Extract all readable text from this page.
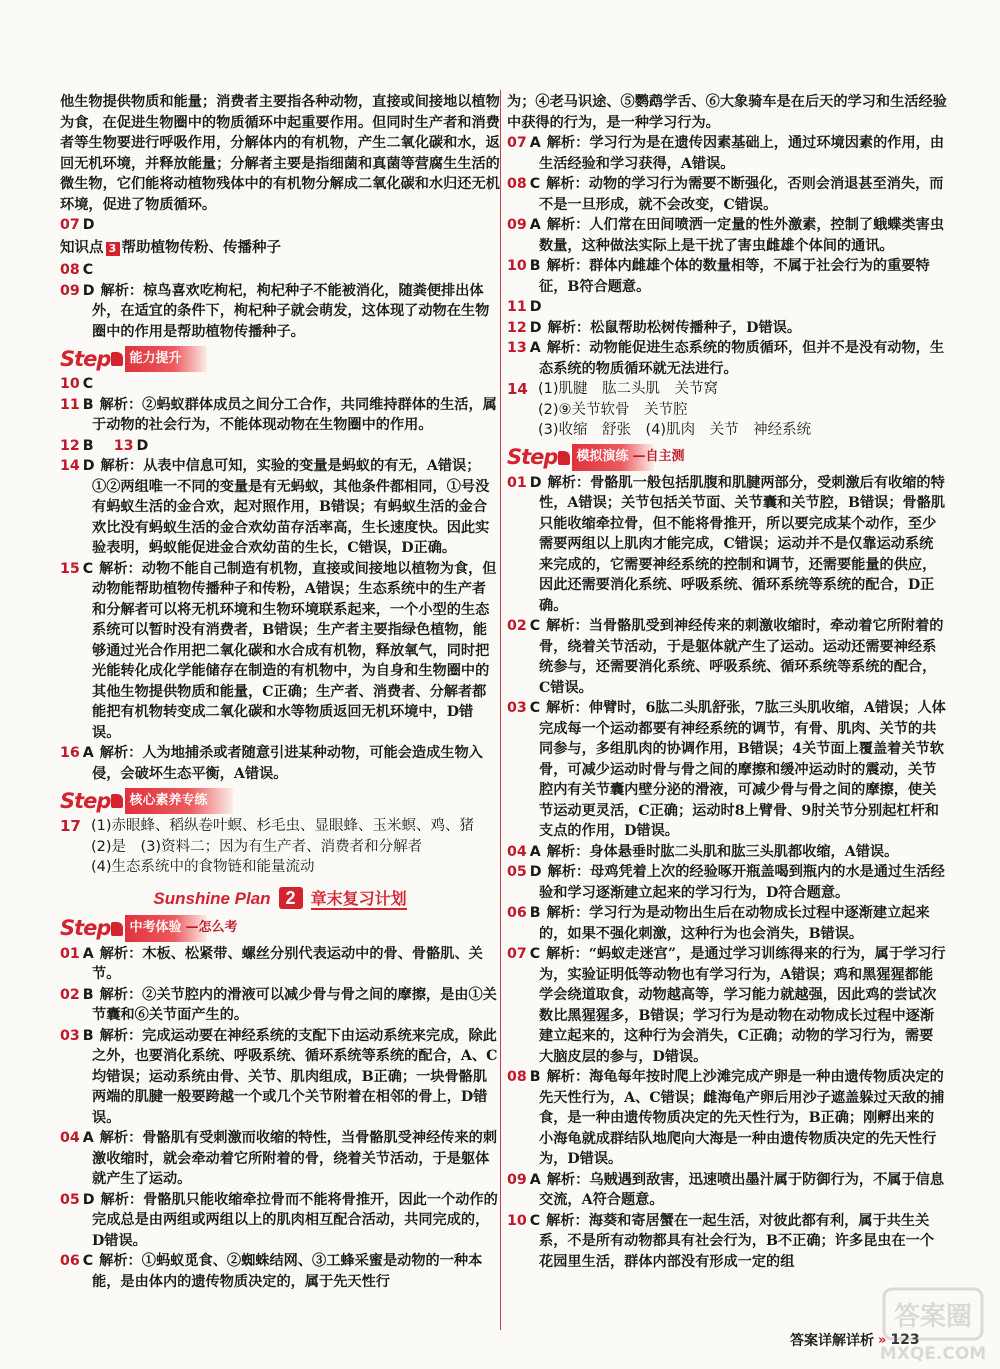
他生物提供物质和能量；消费者主要指各种动物，直接或间接地以植物为食，在促进生物圈中的物质循环中起重要作用。但同时生产者和消费者等生物要进行呼吸作用，分解体内的有机物，产生二氧化碳和水，返回无机环境，并释放能量；分解者主要是指细菌和真菌等营腐生生活的微生物，它们能将动植物残体中的有机物分解成二氧化碳和水归还无机环境，促进了物质循环。
07 D
知识点 3 帮助植物传粉、传播种子
08 C
09 D 解析：椋鸟喜欢吃枸杞，枸杞种子不能被消化，随粪便排出体外，在适宜的条件下，枸杞种子就会萌发，这体现了动物在生物圈中的作用是帮助植物传播种子。
Step	能力提升
10 C
11 B 解析：②蚂蚁群体成员之间分工合作，共同维持群体的生活，属于动物的社会行为，不能体现动物在生物圈中的作用。
12 B  13 D
14 D 解析：从表中信息可知，实验的变量是蚂蚁的有无，A错误；①②两组唯一不同的变量是有无蚂蚁，其他条件都相同，①号没有蚂蚁生活的金合欢，起对照作用，B错误；有蚂蚁生活的金合欢比没有蚂蚁生活的金合欢幼苗存活率高，生长速度快。因此实验表明，蚂蚁能促进金合欢幼苗的生长，C错误，D正确。
15 C 解析：动物不能自己制造有机物，直接或间接地以植物为食，但动物能帮助植物传播种子和传粉，A错误；生态系统中的生产者和分解者可以将无机环境和生物环境联系起来，一个小型的生态系统可以暂时没有消费者，B错误；生产者主要指绿色植物，能够通过光合作用把二氧化碳和水合成有机物，释放氧气，同时把光能转化成化学能储存在制造的有机物中，为自身和生物圈中的其他生物提供物质和能量，C正确；生产者、消费者、分解者都能把有机物转变成二氧化碳和水等物质返回无机环境中，D错误。
16 A 解析：人为地捕杀或者随意引进某种动物，可能会造成生物入侵，会破坏生态平衡，A错误。
Step	核心素养专练
17 (1)赤眼蜂、稻纵卷叶螟、杉毛虫、显眼蜂、玉米螟、鸡、猪
(2)是　(3)资料二；因为有生产者、消费者和分解者
(4)生态系统中的食物链和能量流动
Sunshine Plan 2 章末复习计划
Step	中考体验 —怎么考
01 A 解析：木板、松紧带、螺丝分别代表运动中的骨、骨骼肌、关节。
02 B 解析：②关节腔内的滑液可以减少骨与骨之间的摩擦，是由①关节囊和⑥关节面产生的。
03 B 解析：完成运动要在神经系统的支配下由运动系统来完成，除此之外，也要消化系统、呼吸系统、循环系统等系统的配合，A、C均错误；运动系统由骨、关节、肌肉组成，B正确；一块骨骼肌两端的肌腱一般要跨越一个或几个关节附着在相邻的骨上，D错误。
04 A 解析：骨骼肌有受刺激而收缩的特性，当骨骼肌受神经传来的刺激收缩时，就会牵动着它所附着的骨，绕着关节活动，于是躯体就产生了运动。
05 D 解析：骨骼肌只能收缩牵拉骨而不能将骨推开，因此一个动作的完成总是由两组或两组以上的肌肉相互配合活动，共同完成的，D错误。
06 C 解析：①蚂蚁觅食、②蜘蛛结网、③工蜂采蜜是动物的一种本能，是由体内的遗传物质决定的，属于先天性行
为；④老马识途、⑤鹦鹉学舌、⑥大象骑车是在后天的学习和生活经验中获得的行为，是一种学习行为。
07 A 解析：学习行为是在遗传因素基础上，通过环境因素的作用，由生活经验和学习获得，A错误。
08 C 解析：动物的学习行为需要不断强化，否则会消退甚至消失，而不是一旦形成，就不会改变，C错误。
09 A 解析：人们常在田间喷洒一定量的性外激素，控制了蛾蝶类害虫数量，这种做法实际上是干扰了害虫雌雄个体间的通讯。
10 B 解析：群体内雌雄个体的数量相等，不属于社会行为的重要特征，B符合题意。
11 D
12 D 解析：松鼠帮助松树传播种子，D错误。
13 A 解析：动物能促进生态系统的物质循环，但并不是没有动物，生态系统的物质循环就无法进行。
14 (1)肌腱　肱二头肌　关节窝
(2)⑨关节软骨　关节腔
(3)收缩　舒张　(4)肌肉　关节　神经系统
Step	模拟演练 —自主测
01 D 解析：骨骼肌一般包括肌腹和肌腱两部分，受刺激后有收缩的特性，A错误；关节包括关节面、关节囊和关节腔，B错误；骨骼肌只能收缩牵拉骨，但不能将骨推开，所以要完成某个动作，至少需要两组以上肌肉才能完成，C错误；运动并不是仅靠运动系统来完成的，它需要神经系统的控制和调节，还需要能量的供应，因此还需要消化系统、呼吸系统、循环系统等系统的配合，D正确。
02 C 解析：当骨骼肌受到神经传来的刺激收缩时，牵动着它所附着的骨，绕着关节活动，于是躯体就产生了运动。运动还需要神经系统参与，还需要消化系统、呼吸系统、循环系统等系统的配合，C错误。
03 C 解析：伸臂时，6肱二头肌舒张，7肱三头肌收缩，A错误；人体完成每一个运动都要有神经系统的调节，有骨、肌肉、关节的共同参与，多组肌肉的协调作用，B错误；4关节面上覆盖着关节软骨，可减少运动时骨与骨之间的摩擦和缓冲运动时的震动，关节腔内有关节囊内壁分泌的滑液，可减少骨与骨之间的摩擦，使关节运动更灵活，C正确；运动时8上臂骨、9肘关节分别起杠杆和支点的作用，D错误。
04 A 解析：身体悬垂时肱二头肌和肱三头肌都收缩，A错误。
05 D 解析：母鸡凭着上次的经验啄开瓶盖喝到瓶内的水是通过生活经验和学习逐渐建立起来的学习行为，D符合题意。
06 B 解析：学习行为是动物出生后在动物成长过程中逐渐建立起来的，如果不强化刺激，这种行为也会消失，B错误。
07 C 解析：“蚂蚁走迷宫”，是通过学习训练得来的行为，属于学习行为，实验证明低等动物也有学习行为，A错误；鸡和黑猩猩都能学会绕道取食，动物越高等，学习能力就越强，因此鸡的尝试次数比黑猩猩多，B错误；学习行为是动物在动物成长过程中逐渐建立起来的，这种行为会消失，C正确；动物的学习行为，需要大脑皮层的参与，D错误。
08 B 解析：海龟每年按时爬上沙滩完成产卵是一种由遗传物质决定的先天性行为，A、C错误；雌海龟产卵后用沙子遮盖躲过天敌的捕食，是一种由遗传物质决定的先天性行为，B正确；刚孵出来的小海龟就成群结队地爬向大海是一种由遗传物质决定的先天性行为，D错误。
09 A 解析：乌贼遇到敌害，迅速喷出墨汁属于防御行为，不属于信息交流，A符合题意。
10 C 解析：海葵和寄居蟹在一起生活，对彼此都有利，属于共生关系，不是所有动物都具有社会行为，B不正确；许多昆虫在一个花园里生活，群体内部没有形成一定的组
答案详解详析 » 123
答案圈
MXQE.COM
